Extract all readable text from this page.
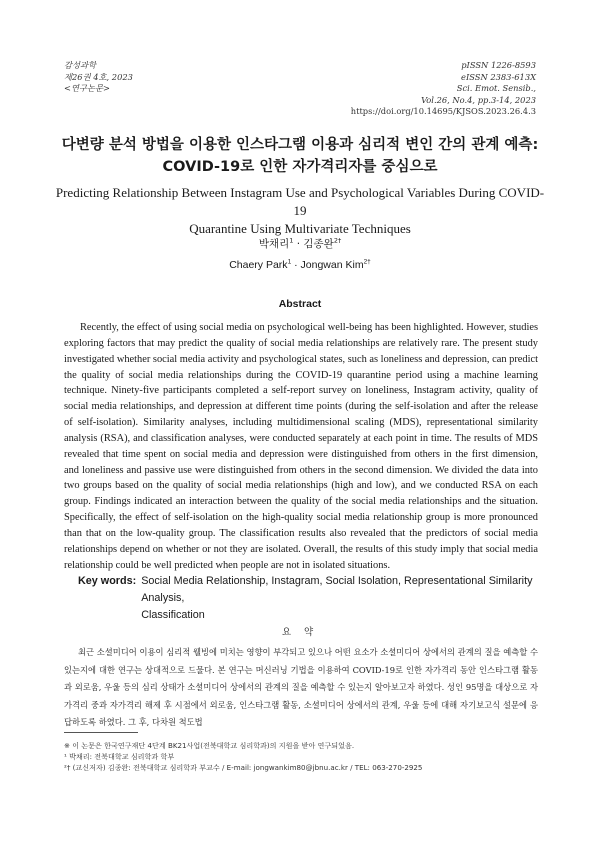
감성과학
제26권 4호, 2023
<연구논문>
pISSN 1226-8593
eISSN 2383-613X
Sci. Emot. Sensib.,
Vol.26, No.4, pp.3-14, 2023
https://doi.org/10.14695/KJSOS.2023.26.4.3
다변량 분석 방법을 이용한 인스타그램 이용과 심리적 변인 간의 관계 예측:
COVID-19로 인한 자가격리자를 중심으로
Predicting Relationship Between Instagram Use and Psychological Variables During COVID-19
Quarantine Using Multivariate Techniques
박채리$^1$ · 김종완$^{2\dagger}$
Chaery Park$^1$ · Jongwan Kim$^{2\dagger}$
Abstract

Recently, the effect of using social media on psychological well-being has been highlighted. However, studies exploring factors that may predict the quality of social media relationships are relatively rare. The present study investigated whether social media activity and psychological states, such as loneliness and depression, can predict the quality of social media relationships during the COVID-19 quarantine period using a machine learning technique. Ninety-five participants completed a self-report survey on loneliness, Instagram activity, quality of social media relationships, and depression at different time points (during the self-isolation and after the release of self-isolation). Similarity analyses, including multidimensional scaling (MDS), representational similarity analysis (RSA), and classification analyses, were conducted separately at each point in time. The results of MDS revealed that time spent on social media and depression were distinguished from others in the first dimension, and loneliness and passive use were distinguished from others in the second dimension. We divided the data into two groups based on the quality of social media relationships (high and low), and we conducted RSA on each group. Findings indicated an interaction between the quality of the social media relationships and the situation. Specifically, the effect of self-isolation on the high-quality social media relationship group is more pronounced than that on the low-quality group. The classification results also revealed that the predictors of social media relationships depend on whether or not they are isolated. Overall, the results of this study imply that social media relationship could be well predicted when people are not in isolated situations.

Key words: Social Media Relationship, Instagram, Social Isolation, Representational Similarity Analysis,
Classification
요 약

최근 소셜미디어 이용이 심리적 웰빙에 미치는 영향이 부각되고 있으나 어떤 요소가 소셜미디어 상에서의 관계의 질을 예측할 수 있는지에 대한 연구는 상대적으로 드물다. 본 연구는 머신러닝 기법을 이용하여 COVID-19로 인한 자가격리 동안 인스타그램 활동과 외로움, 우울 등의 심리 상태가 소셜미디어 상에서의 관계의 질을 예측할 수 있는지 알아보고자 하였다. 성인 95명을 대상으로 자가격리 중과 자가격리 해제 후 시점에서 외로움, 인스타그램 활동, 소셜미디어 상에서의 관계, 우울 등에 대해 자기보고식 설문에 응답하도록 하였다. 그 후, 다차원 척도법

※ 이 논문은 한국연구재단 4단계 BK21사업(전북대학교 심리학과)의 지원을 받아 연구되었음.
¹ 박채리: 전북대학교 심리학과 학부
²† (교신저자) 김종완: 전북대학교 심리학과 부교수 / E-mail: jongwankim80@jbnu.ac.kr / TEL: 063-270-2925
